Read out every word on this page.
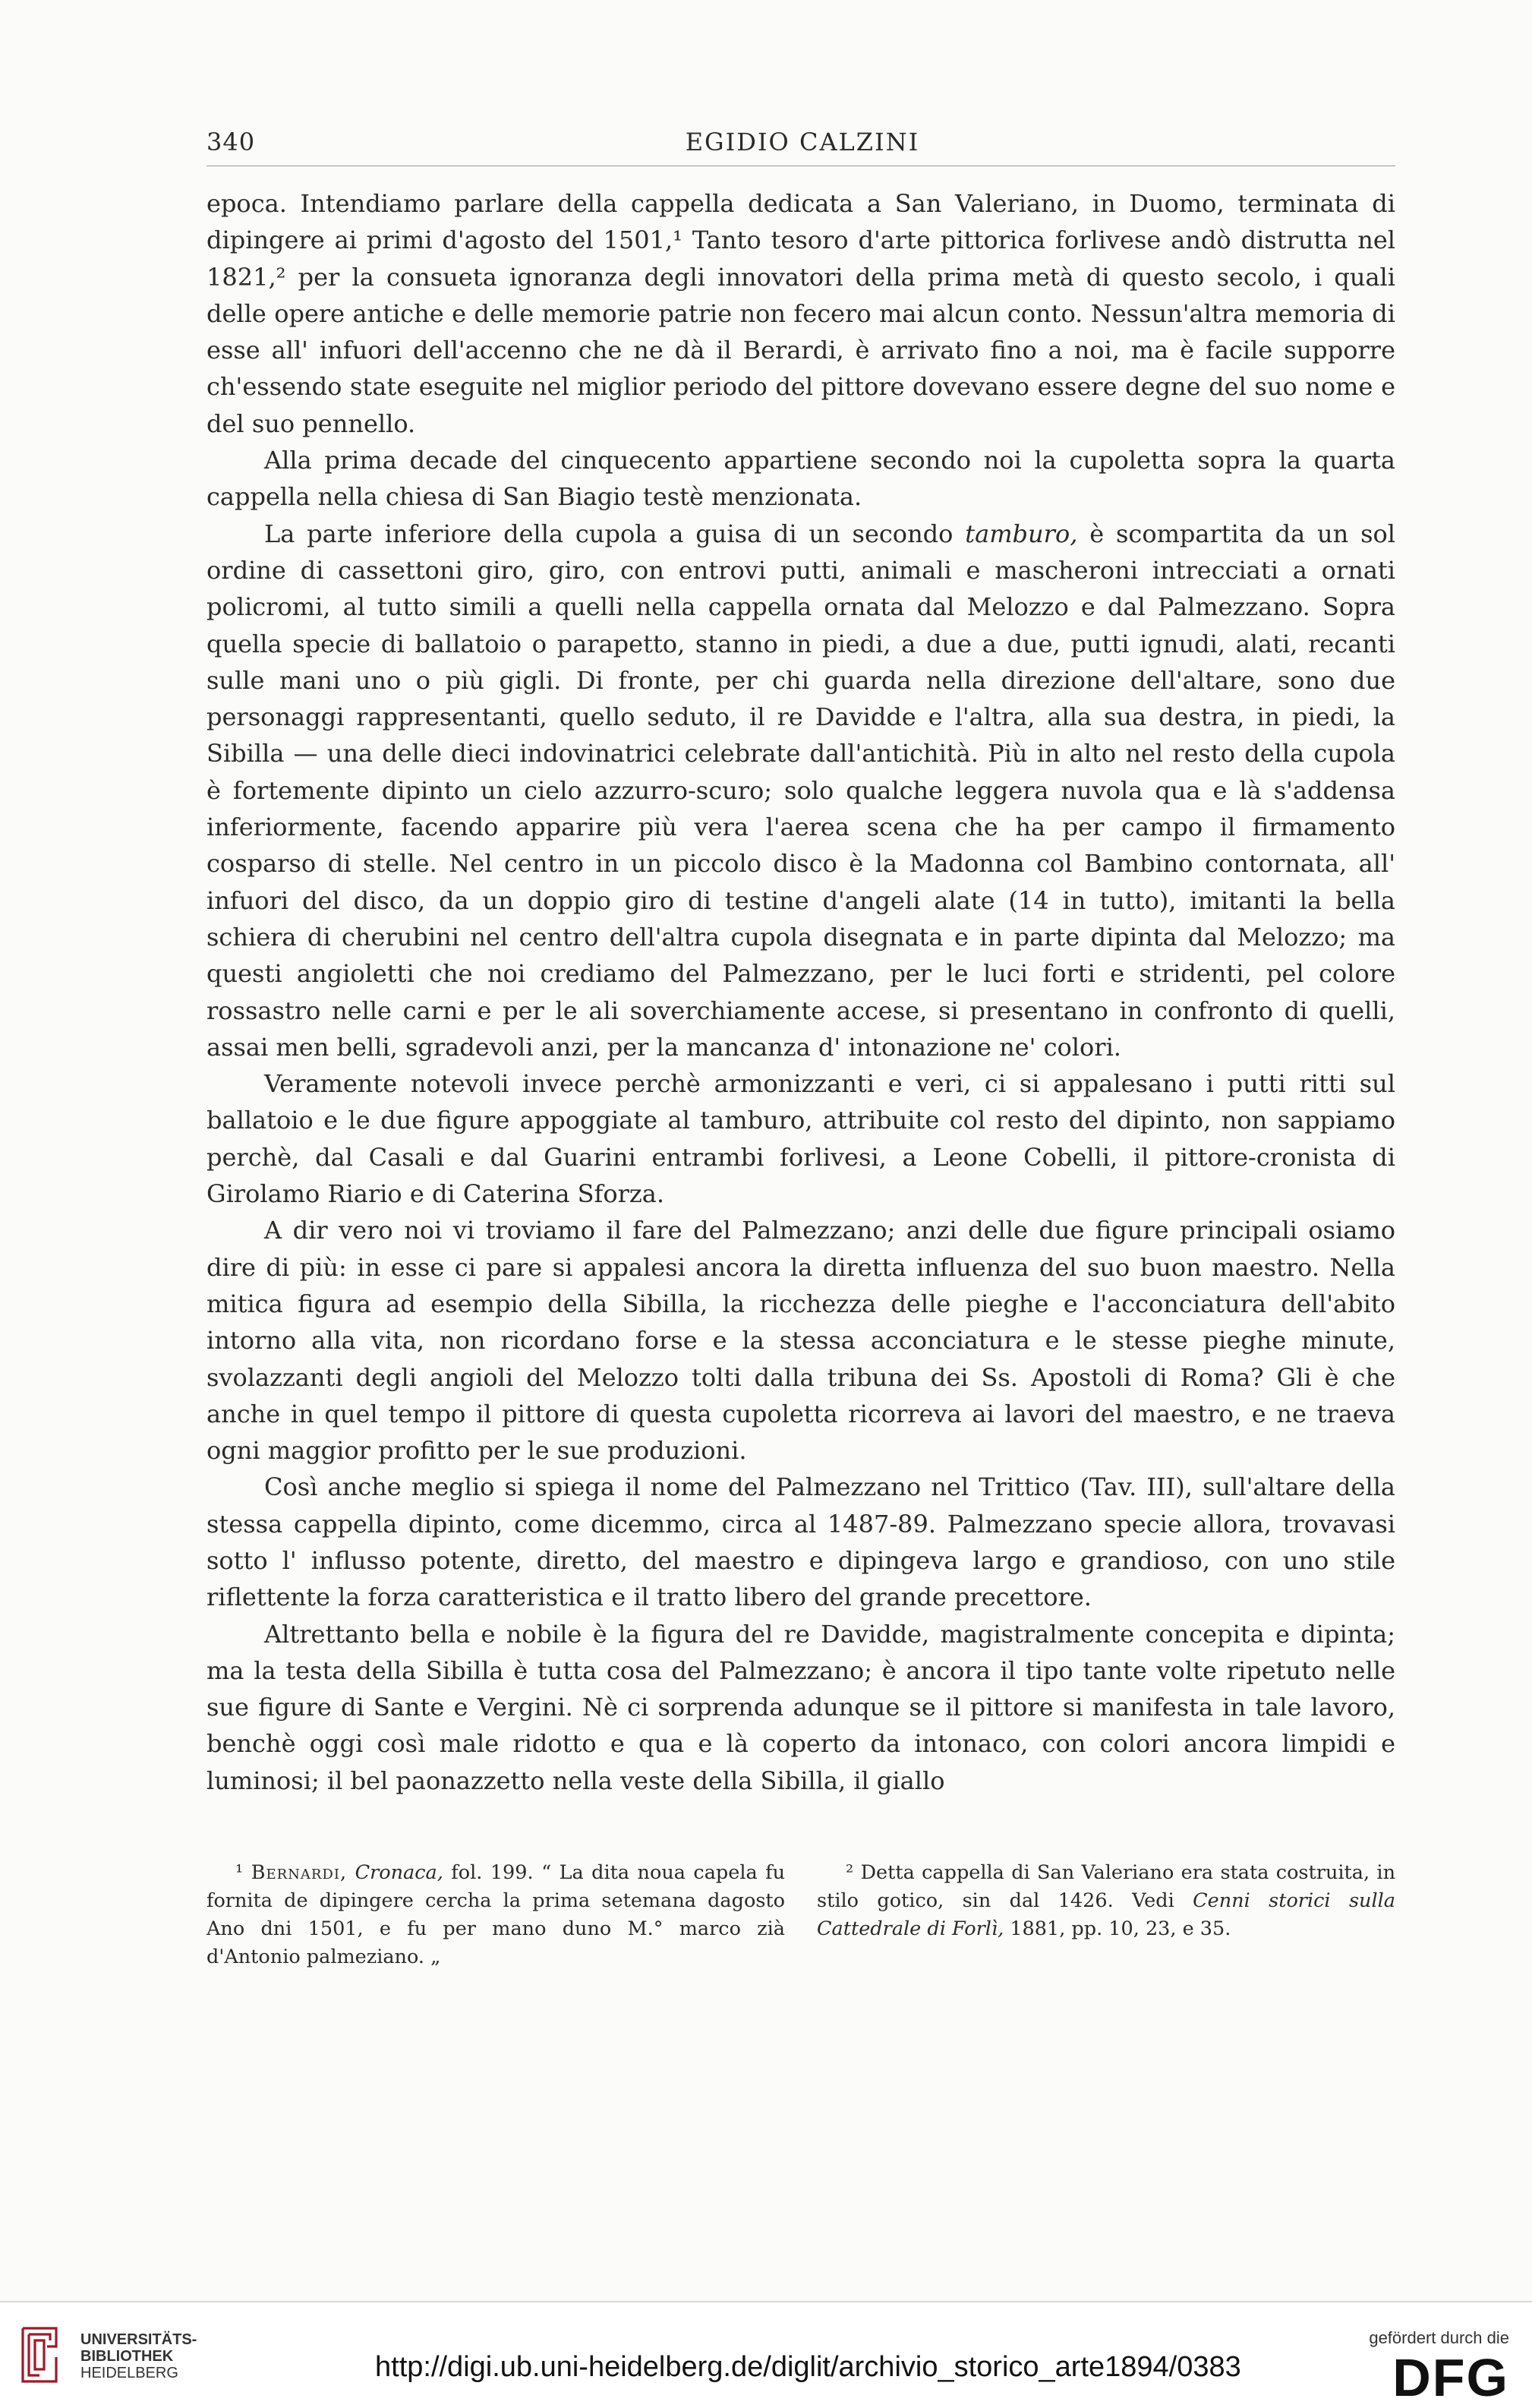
340	EGIDIO CALZINI

epoca. Intendiamo parlare della cappella dedicata a San Valeriano, in Duomo, terminata di dipingere ai primi d'agosto del 1501,¹ Tanto tesoro d'arte pittorica forlivese andò distrutta nel 1821,² per la consueta ignoranza degli innovatori della prima metà di questo secolo, i quali delle opere antiche e delle memorie patrie non fecero mai alcun conto. Nessun'altra memoria di esse all' infuori dell'accenno che ne dà il Berardi, è arrivato fino a noi, ma è facile supporre ch'essendo state eseguite nel miglior periodo del pittore dovevano essere degne del suo nome e del suo pennello.

Alla prima decade del cinquecento appartiene secondo noi la cupoletta sopra la quarta cappella nella chiesa di San Biagio testè menzionata.

La parte inferiore della cupola a guisa di un secondo tamburo, è scompartita da un sol ordine di cassettoni giro, giro, con entrovi putti, animali e mascheroni intrecciati a ornati policromi, al tutto simili a quelli nella cappella ornata dal Melozzo e dal Palmezzano. Sopra quella specie di ballatoio o parapetto, stanno in piedi, a due a due, putti ignudi, alati, recanti sulle mani uno o più gigli. Di fronte, per chi guarda nella direzione dell'altare, sono due personaggi rappresentanti, quello seduto, il re Davidde e l'altra, alla sua destra, in piedi, la Sibilla — una delle dieci indovinatrici celebrate dall'antichità. Più in alto nel resto della cupola è fortemente dipinto un cielo azzurro-scuro; solo qualche leggera nuvola qua e là s'addensa inferiormente, facendo apparire più vera l'aerea scena che ha per campo il firmamento cosparso di stelle. Nel centro in un piccolo disco è la Madonna col Bambino contornata, all' infuori del disco, da un doppio giro di testine d'angeli alate (14 in tutto), imitanti la bella schiera di cherubini nel centro dell'altra cupola disegnata e in parte dipinta dal Melozzo; ma questi angioletti che noi crediamo del Palmezzano, per le luci forti e stridenti, pel colore rossastro nelle carni e per le ali soverchiamente accese, si presentano in confronto di quelli, assai men belli, sgradevoli anzi, per la mancanza d' intonazione ne' colori.

Veramente notevoli invece perchè armonizzanti e veri, ci si appalesano i putti ritti sul ballatoio e le due figure appoggiate al tamburo, attribuite col resto del dipinto, non sappiamo perchè, dal Casali e dal Guarini entrambi forlivesi, a Leone Cobelli, il pittore-cronista di Girolamo Riario e di Caterina Sforza.

A dir vero noi vi troviamo il fare del Palmezzano; anzi delle due figure principali osiamo dire di più: in esse ci pare si appalesi ancora la diretta influenza del suo buon maestro. Nella mitica figura ad esempio della Sibilla, la ricchezza delle pieghe e l'acconciatura dell'abito intorno alla vita, non ricordano forse e la stessa acconciatura e le stesse pieghe minute, svolazzanti degli angioli del Melozzo tolti dalla tribuna dei Ss. Apostoli di Roma? Gli è che anche in quel tempo il pittore di questa cupoletta ricorreva ai lavori del maestro, e ne traeva ogni maggior profitto per le sue produzioni.

Così anche meglio si spiega il nome del Palmezzano nel Trittico (Tav. III), sull'altare della stessa cappella dipinto, come dicemmo, circa al 1487-89. Palmezzano specie allora, trovavasi sotto l' influsso potente, diretto, del maestro e dipingeva largo e grandioso, con uno stile riflettente la forza caratteristica e il tratto libero del grande precettore.

Altrettanto bella e nobile è la figura del re Davidde, magistralmente concepita e dipinta; ma la testa della Sibilla è tutta cosa del Palmezzano; è ancora il tipo tante volte ripetuto nelle sue figure di Sante e Vergini. Nè ci sorprenda adunque se il pittore si manifesta in tale lavoro, benchè oggi così male ridotto e qua e là coperto da intonaco, con colori ancora limpidi e luminosi; il bel paonazzetto nella veste della Sibilla, il giallo

¹ Bernardi, Cronaca, fol. 199. “ La dita noua capela fu fornita de dipingere cercha la prima setemana dagosto Ano dni 1501, e fu per mano duno M.° marco zià d'Antonio palmeziano. „
² Detta cappella di San Valeriano era stata costruita, in stilo gotico, sin dal 1426. Vedi Cenni storici sulla Cattedrale di Forlì, 1881, pp. 10, 23, e 35.
UNIVERSITÄTS-
BIBLIOTHEK
HEIDELBERG	http://digi.ub.uni-heidelberg.de/diglit/archivio_storico_arte1894/0383
gefördert durch die
DFG
